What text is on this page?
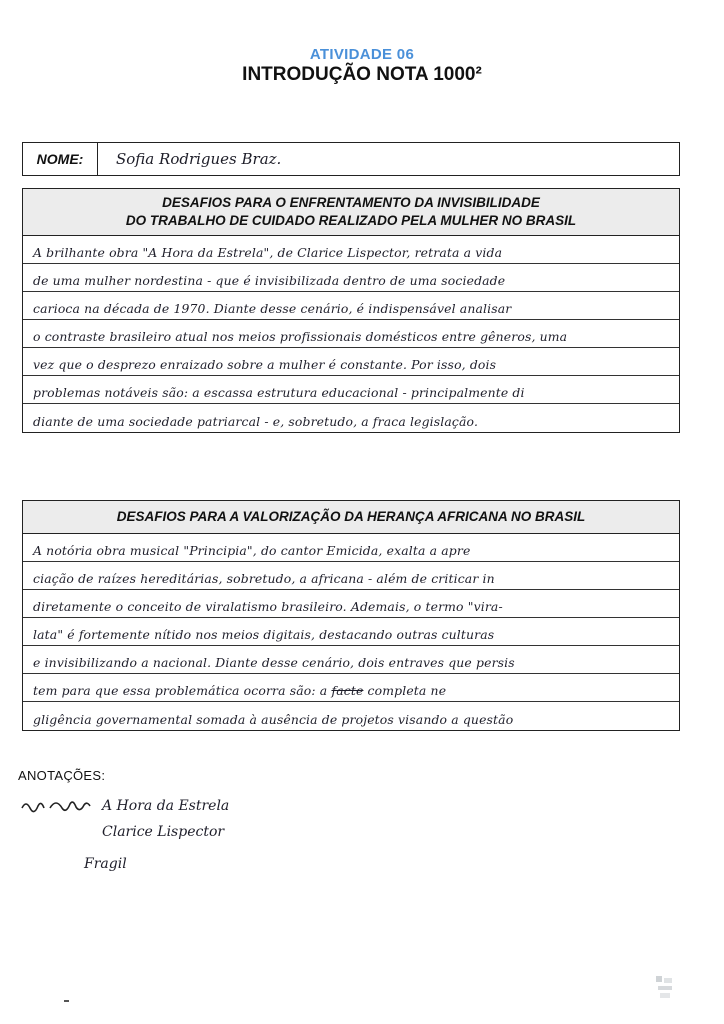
ATIVIDADE 06
INTRODUÇÃO NOTA 1000²
NOME:	Sofia Rodrigues Braz.
DESAFIOS PARA O ENFRENTAMENTO DA INVISIBILIDADE
DO TRABALHO DE CUIDADO REALIZADO PELA MULHER NO BRASIL
A brilhante obra "A Hora da Estrela", de Clarice Lispector, retrata a vida
de uma mulher nordestina - que é invisibilizada dentro de uma sociedade
carioca na década de 1970. Diante desse cenário, é indispensável analisar
o contraste brasileiro atual nos meios profissionais domésticos entre gêneros, uma
vez que o desprezo enraizado sobre a mulher é constante. Por isso, dois
problemas notáveis são: a escassa estrutura educacional - principalmente di
diante de uma sociedade patriarcal - e, sobretudo, a fraca legislação.
DESAFIOS PARA A VALORIZAÇÃO DA HERANÇA AFRICANA NO BRASIL
A notória obra musical "Principia", do cantor Emicida, exalta a apre
ciação de raízes hereditárias, sobretudo, a africana - além de criticar in
diretamente o conceito de viralatismo brasileiro. Ademais, o termo "vira-
lata" é fortemente nítido nos meios digitais, destacando outras culturas
e invisibilizando a nacional. Diante desse cenário, dois entraves que persis
tem para que essa problemática ocorra são: a
facte
completa ne
gligência governamental somada à ausência de projetos visando a questão
ANOTAÇÕES:
A Hora da Estrela
Clarice Lispector
Fragil
